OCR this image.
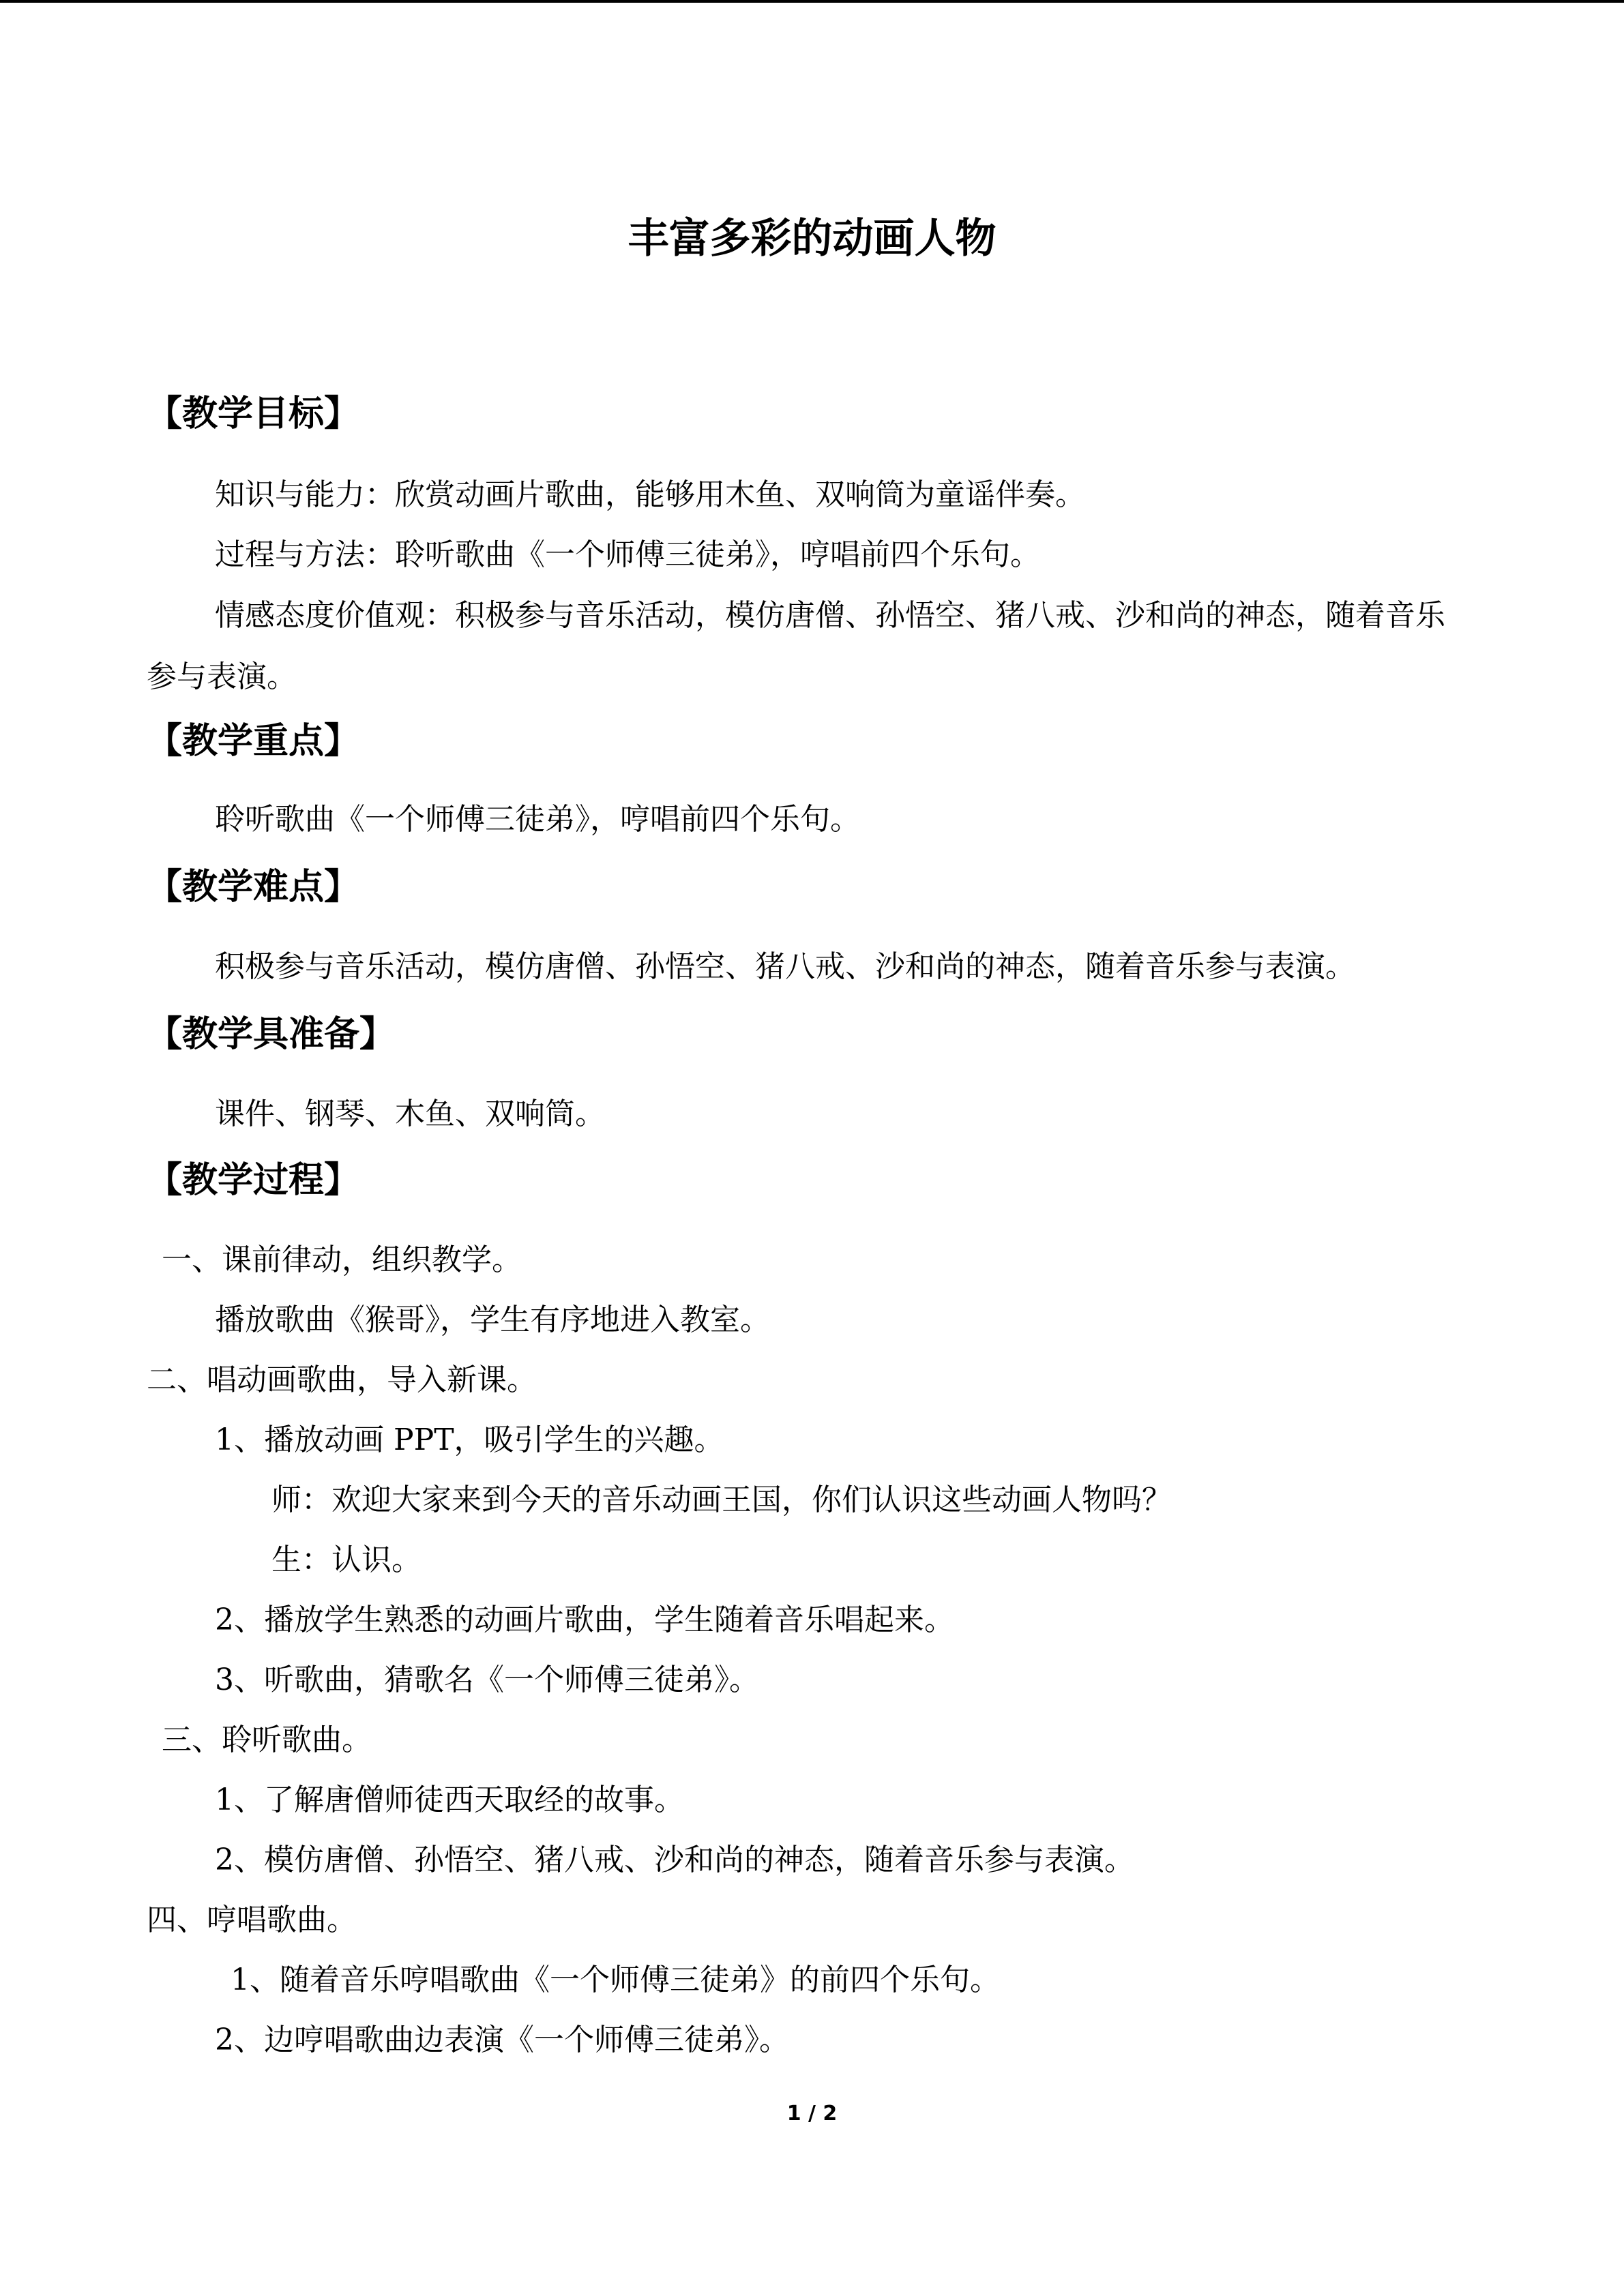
丰富多彩的动画人物
【教学目标】
知识与能力：欣赏动画片歌曲，能够用木鱼、双响筒为童谣伴奏。
过程与方法：聆听歌曲《一个师傅三徒弟》，哼唱前四个乐句。
情感态度价值观：积极参与音乐活动，模仿唐僧、孙悟空、猪八戒、沙和尚的神态，随着音乐参与表演。
【教学重点】
聆听歌曲《一个师傅三徒弟》，哼唱前四个乐句。
【教学难点】
积极参与音乐活动，模仿唐僧、孙悟空、猪八戒、沙和尚的神态，随着音乐参与表演。
【教学具准备】
课件、钢琴、木鱼、双响筒。
【教学过程】
一、课前律动，组织教学。
播放歌曲《猴哥》，学生有序地进入教室。
二、唱动画歌曲，导入新课。
1、播放动画 PPT，吸引学生的兴趣。
师：欢迎大家来到今天的音乐动画王国，你们认识这些动画人物吗？
生：认识。
2、播放学生熟悉的动画片歌曲，学生随着音乐唱起来。
3、听歌曲，猜歌名《一个师傅三徒弟》。
三、聆听歌曲。
1、了解唐僧师徒西天取经的故事。
2、模仿唐僧、孙悟空、猪八戒、沙和尚的神态，随着音乐参与表演。
四、哼唱歌曲。
1、随着音乐哼唱歌曲《一个师傅三徒弟》的前四个乐句。
2、边哼唱歌曲边表演《一个师傅三徒弟》。
1 / 2
